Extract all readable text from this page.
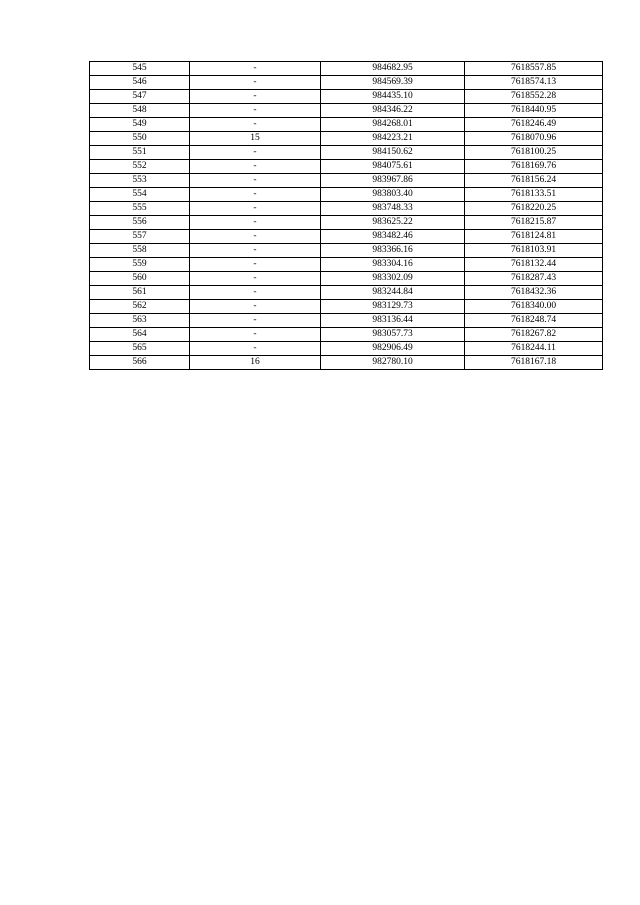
545	-	984682.95	7618557.85
546	-	984569.39	7618574.13
547	-	984435.10	7618552.28
548	-	984346.22	7618440.95
549	-	984268.01	7618246.49
550	15	984223.21	7618070.96
551	-	984150.62	7618100.25
552	-	984075.61	7618169.76
553	-	983967.86	7618156.24
554	-	983803.40	7618133.51
555	-	983748.33	7618220.25
556	-	983625.22	7618215.87
557	-	983482.46	7618124.81
558	-	983366.16	7618103.91
559	-	983304.16	7618132.44
560	-	983302.09	7618287.43
561	-	983244.84	7618432.36
562	-	983129.73	7618340.00
563	-	983136.44	7618248.74
564	-	983057.73	7618267.82
565	-	982906.49	7618244.11
566	16	982780.10	7618167.18
